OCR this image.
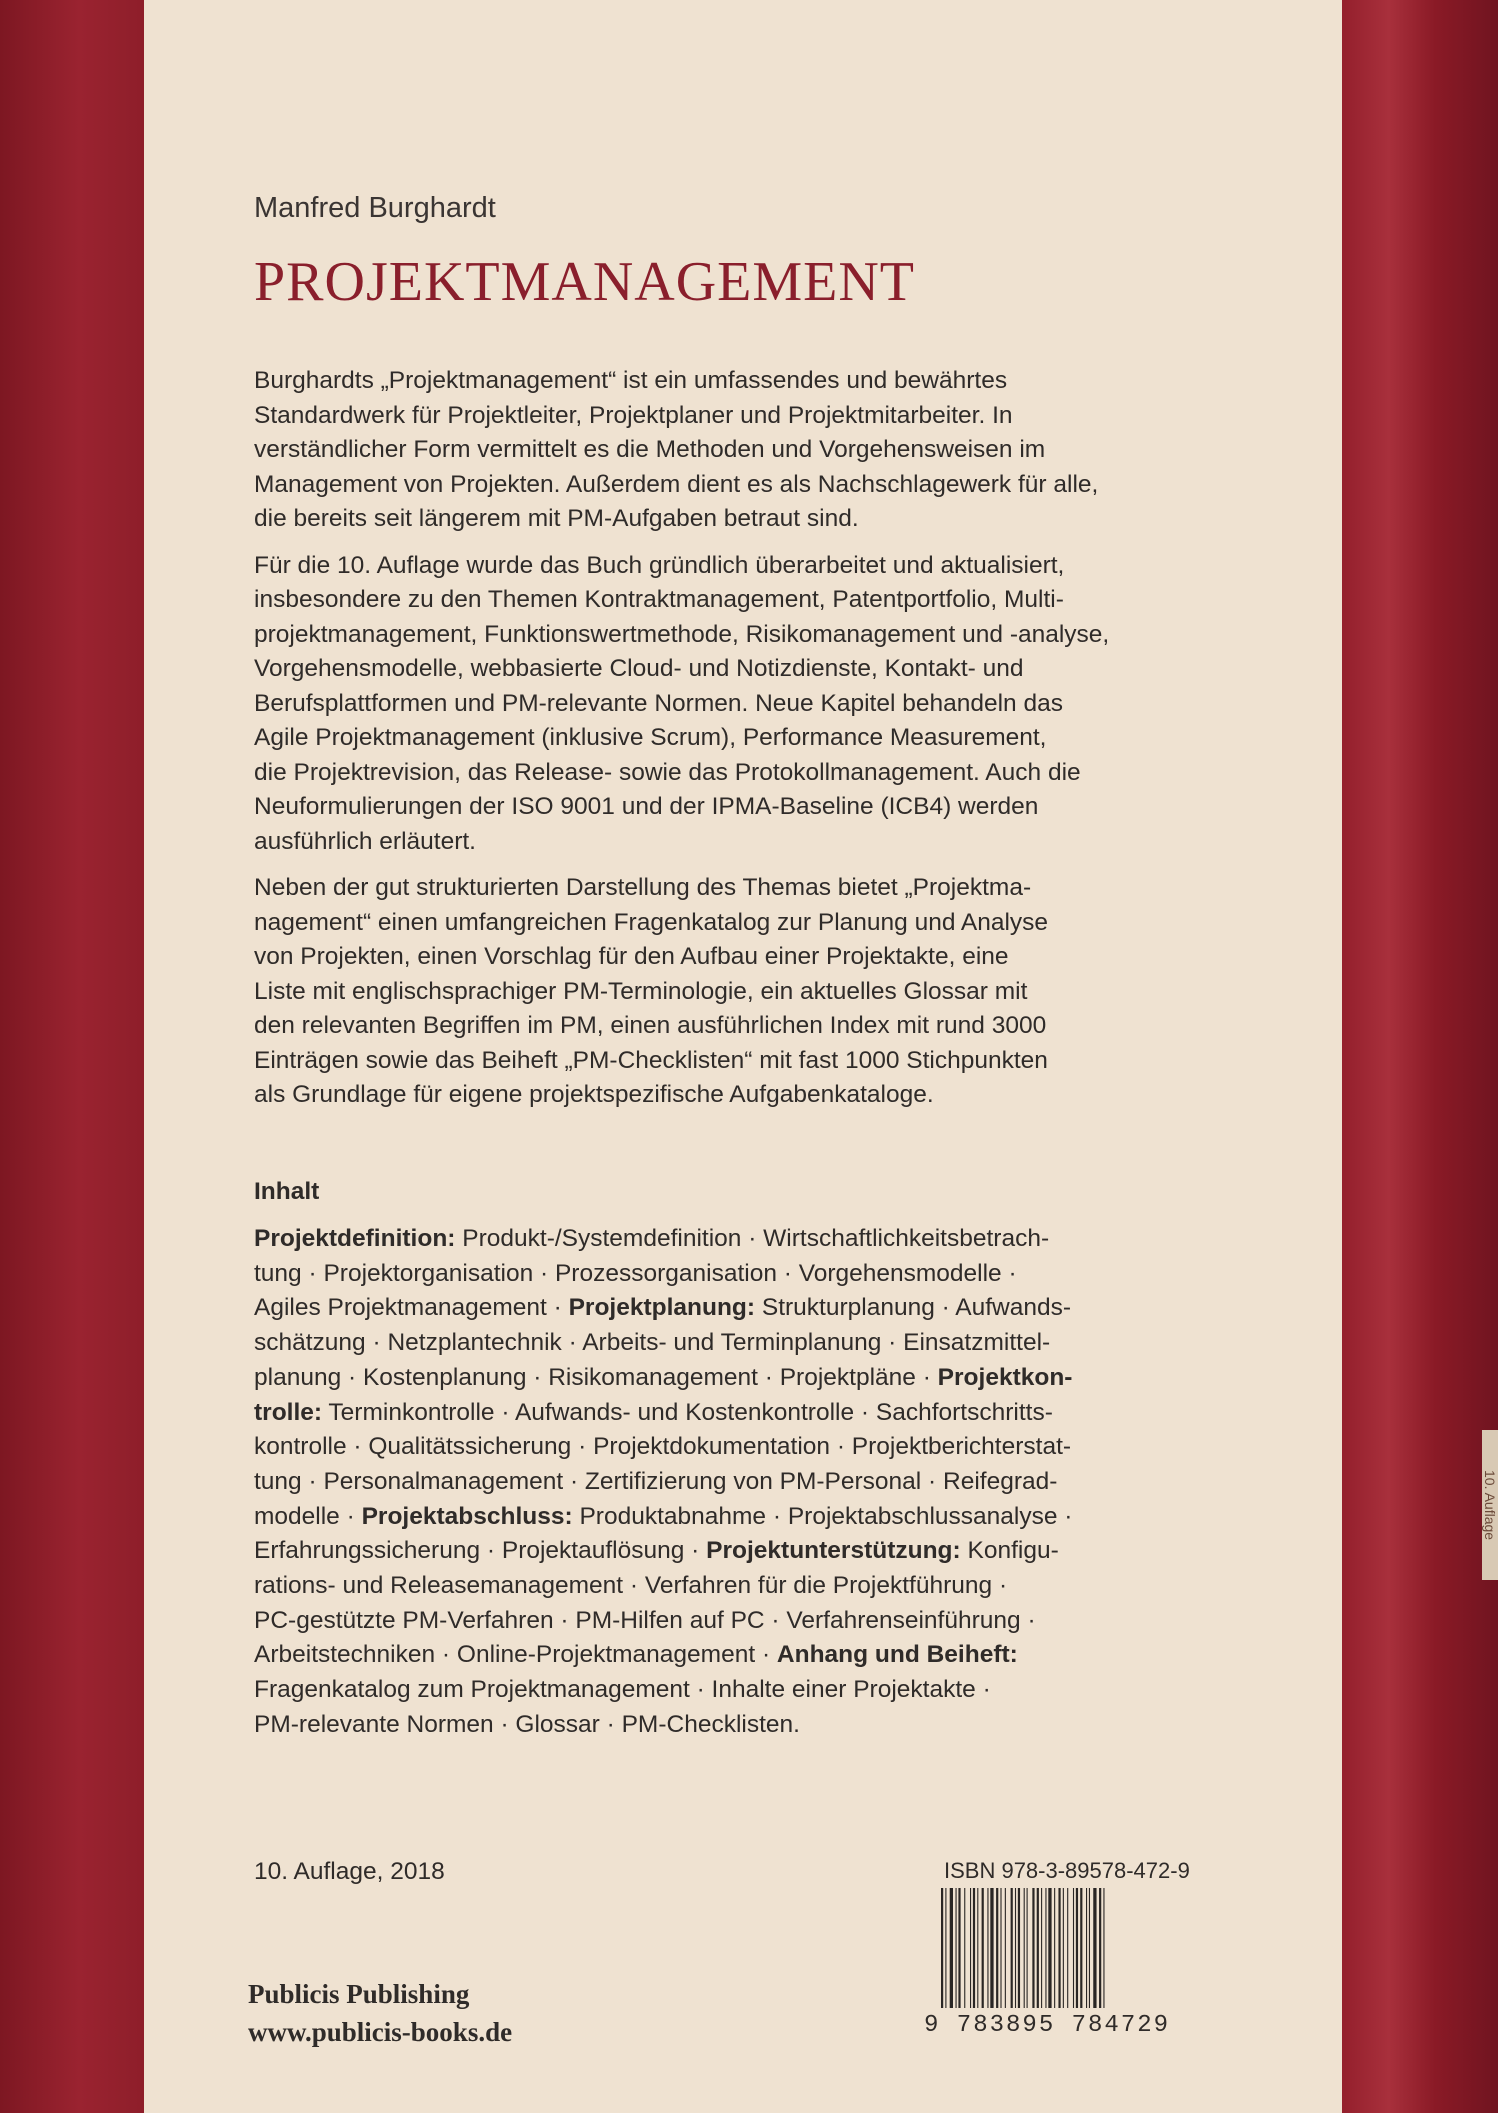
10. Auflage
Manfred Burghardt
PROJEKTMANAGEMENT

Burghardts „Projektmanagement“ ist ein umfassendes und bewährtes
Standardwerk für Projektleiter, Projektplaner und Projektmitarbeiter. In
verständlicher Form vermittelt es die Methoden und Vorgehensweisen im
Management von Projekten. Außerdem dient es als Nachschlagewerk für alle,
die bereits seit längerem mit PM-Aufgaben betraut sind.

Für die 10. Auflage wurde das Buch gründlich überarbeitet und aktualisiert,
insbesondere zu den Themen Kontraktmanagement, Patentportfolio, Multi-
projektmanagement, Funktionswertmethode, Risikomanagement und -analyse,
Vorgehensmodelle, webbasierte Cloud- und Notizdienste, Kontakt- und
Berufsplattformen und PM-relevante Normen. Neue Kapitel behandeln das
Agile Projektmanagement (inklusive Scrum), Performance Measurement,
die Projektrevision, das Release- sowie das Protokollmanagement. Auch die
Neuformulierungen der ISO 9001 und der IPMA-Baseline (ICB4) werden
ausführlich erläutert.

Neben der gut strukturierten Darstellung des Themas bietet „Projektma-
nagement“ einen umfangreichen Fragenkatalog zur Planung und Analyse
von Projekten, einen Vorschlag für den Aufbau einer Projektakte, eine
Liste mit englischsprachiger PM-Terminologie, ein aktuelles Glossar mit
den relevanten Begriffen im PM, einen ausführlichen Index mit rund 3000
Einträgen sowie das Beiheft „PM-Checklisten“ mit fast 1000 Stichpunkten
als Grundlage für eigene projektspezifische Aufgabenkataloge.

Inhalt
Projektdefinition: Produkt-/Systemdefinition · Wirtschaftlichkeitsbetrach-
tung · Projektorganisation · Prozessorganisation · Vorgehensmodelle ·
Agiles Projektmanagement · Projektplanung: Strukturplanung · Aufwands-
schätzung · Netzplantechnik · Arbeits- und Terminplanung · Einsatzmittel-
planung · Kostenplanung · Risikomanagement · Projektpläne · Projektkon-
trolle: Terminkontrolle · Aufwands- und Kostenkontrolle · Sachfortschritts-
kontrolle · Qualitätssicherung · Projektdokumentation · Projektberichterstat-
tung · Personalmanagement · Zertifizierung von PM-Personal · Reifegrad-
modelle · Projektabschluss: Produktabnahme · Projektabschlussanalyse ·
Erfahrungssicherung · Projektauflösung · Projektunterstützung: Konfigu-
rations- und Releasemanagement · Verfahren für die Projektführung ·
PC-gestützte PM-Verfahren · PM-Hilfen auf PC · Verfahrenseinführung ·
Arbeitstechniken · Online-Projektmanagement · Anhang und Beiheft:
Fragenkatalog zum Projektmanagement · Inhalte einer Projektakte ·
PM-relevante Normen · Glossar · PM-Checklisten.
10. Auflage, 2018
Publicis Publishing
www.publicis-books.de
ISBN 978-3-89578-472-9
9 783895 784729
